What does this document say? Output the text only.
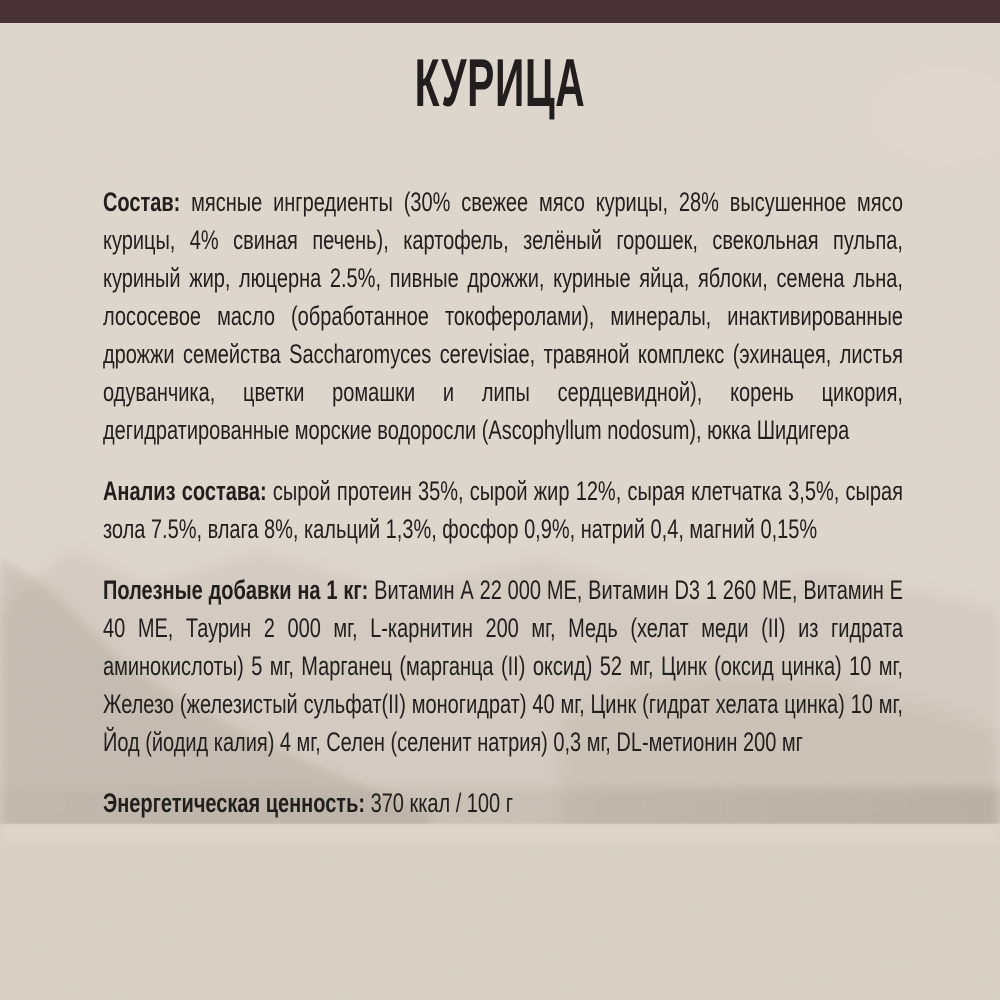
КУРИЦА

Состав: мясные ингредиенты (30% свежее мясо курицы, 28% высушенное мясо курицы, 4% свиная печень), картофель, зелёный горошек, свекольная пульпа, куриный жир, люцерна 2.5%, пивные дрожжи, куриные яйца, яблоки, семена льна, лососевое масло (обработанное токоферолами), минералы, инактивированные дрожжи семейства Saccharomyces cerevisiae, травяной комплекс (эхинацея, листья одуванчика, цветки ромашки и липы сердцевидной), корень цикория, дегидратированные морские водоросли (Ascophyllum nodosum), юкка Шидигера

Анализ состава: сырой протеин 35%, сырой жир 12%, сырая клетчатка 3,5%, сырая зола 7.5%, влага 8%, кальций 1,3%, фосфор 0,9%, натрий 0,4, магний 0,15%

Полезные добавки на 1 кг: Витамин А 22 000 МЕ, Витамин D3 1 260 МЕ, Витамин Е 40 МЕ, Таурин 2 000 мг, L-карнитин 200 мг, Медь (хелат меди (II) из гидрата аминокислоты) 5 мг, Марганец (марганца (II) оксид) 52 мг, Цинк (оксид цинка) 10 мг, Железо (железистый сульфат(II) моногидрат) 40 мг, Цинк (гидрат хелата цинка) 10 мг, Йод (йодид калия) 4 мг, Селен (селенит натрия) 0,3 мг, DL-метионин 200 мг

Энергетическая ценность: 370 ккал / 100 г
